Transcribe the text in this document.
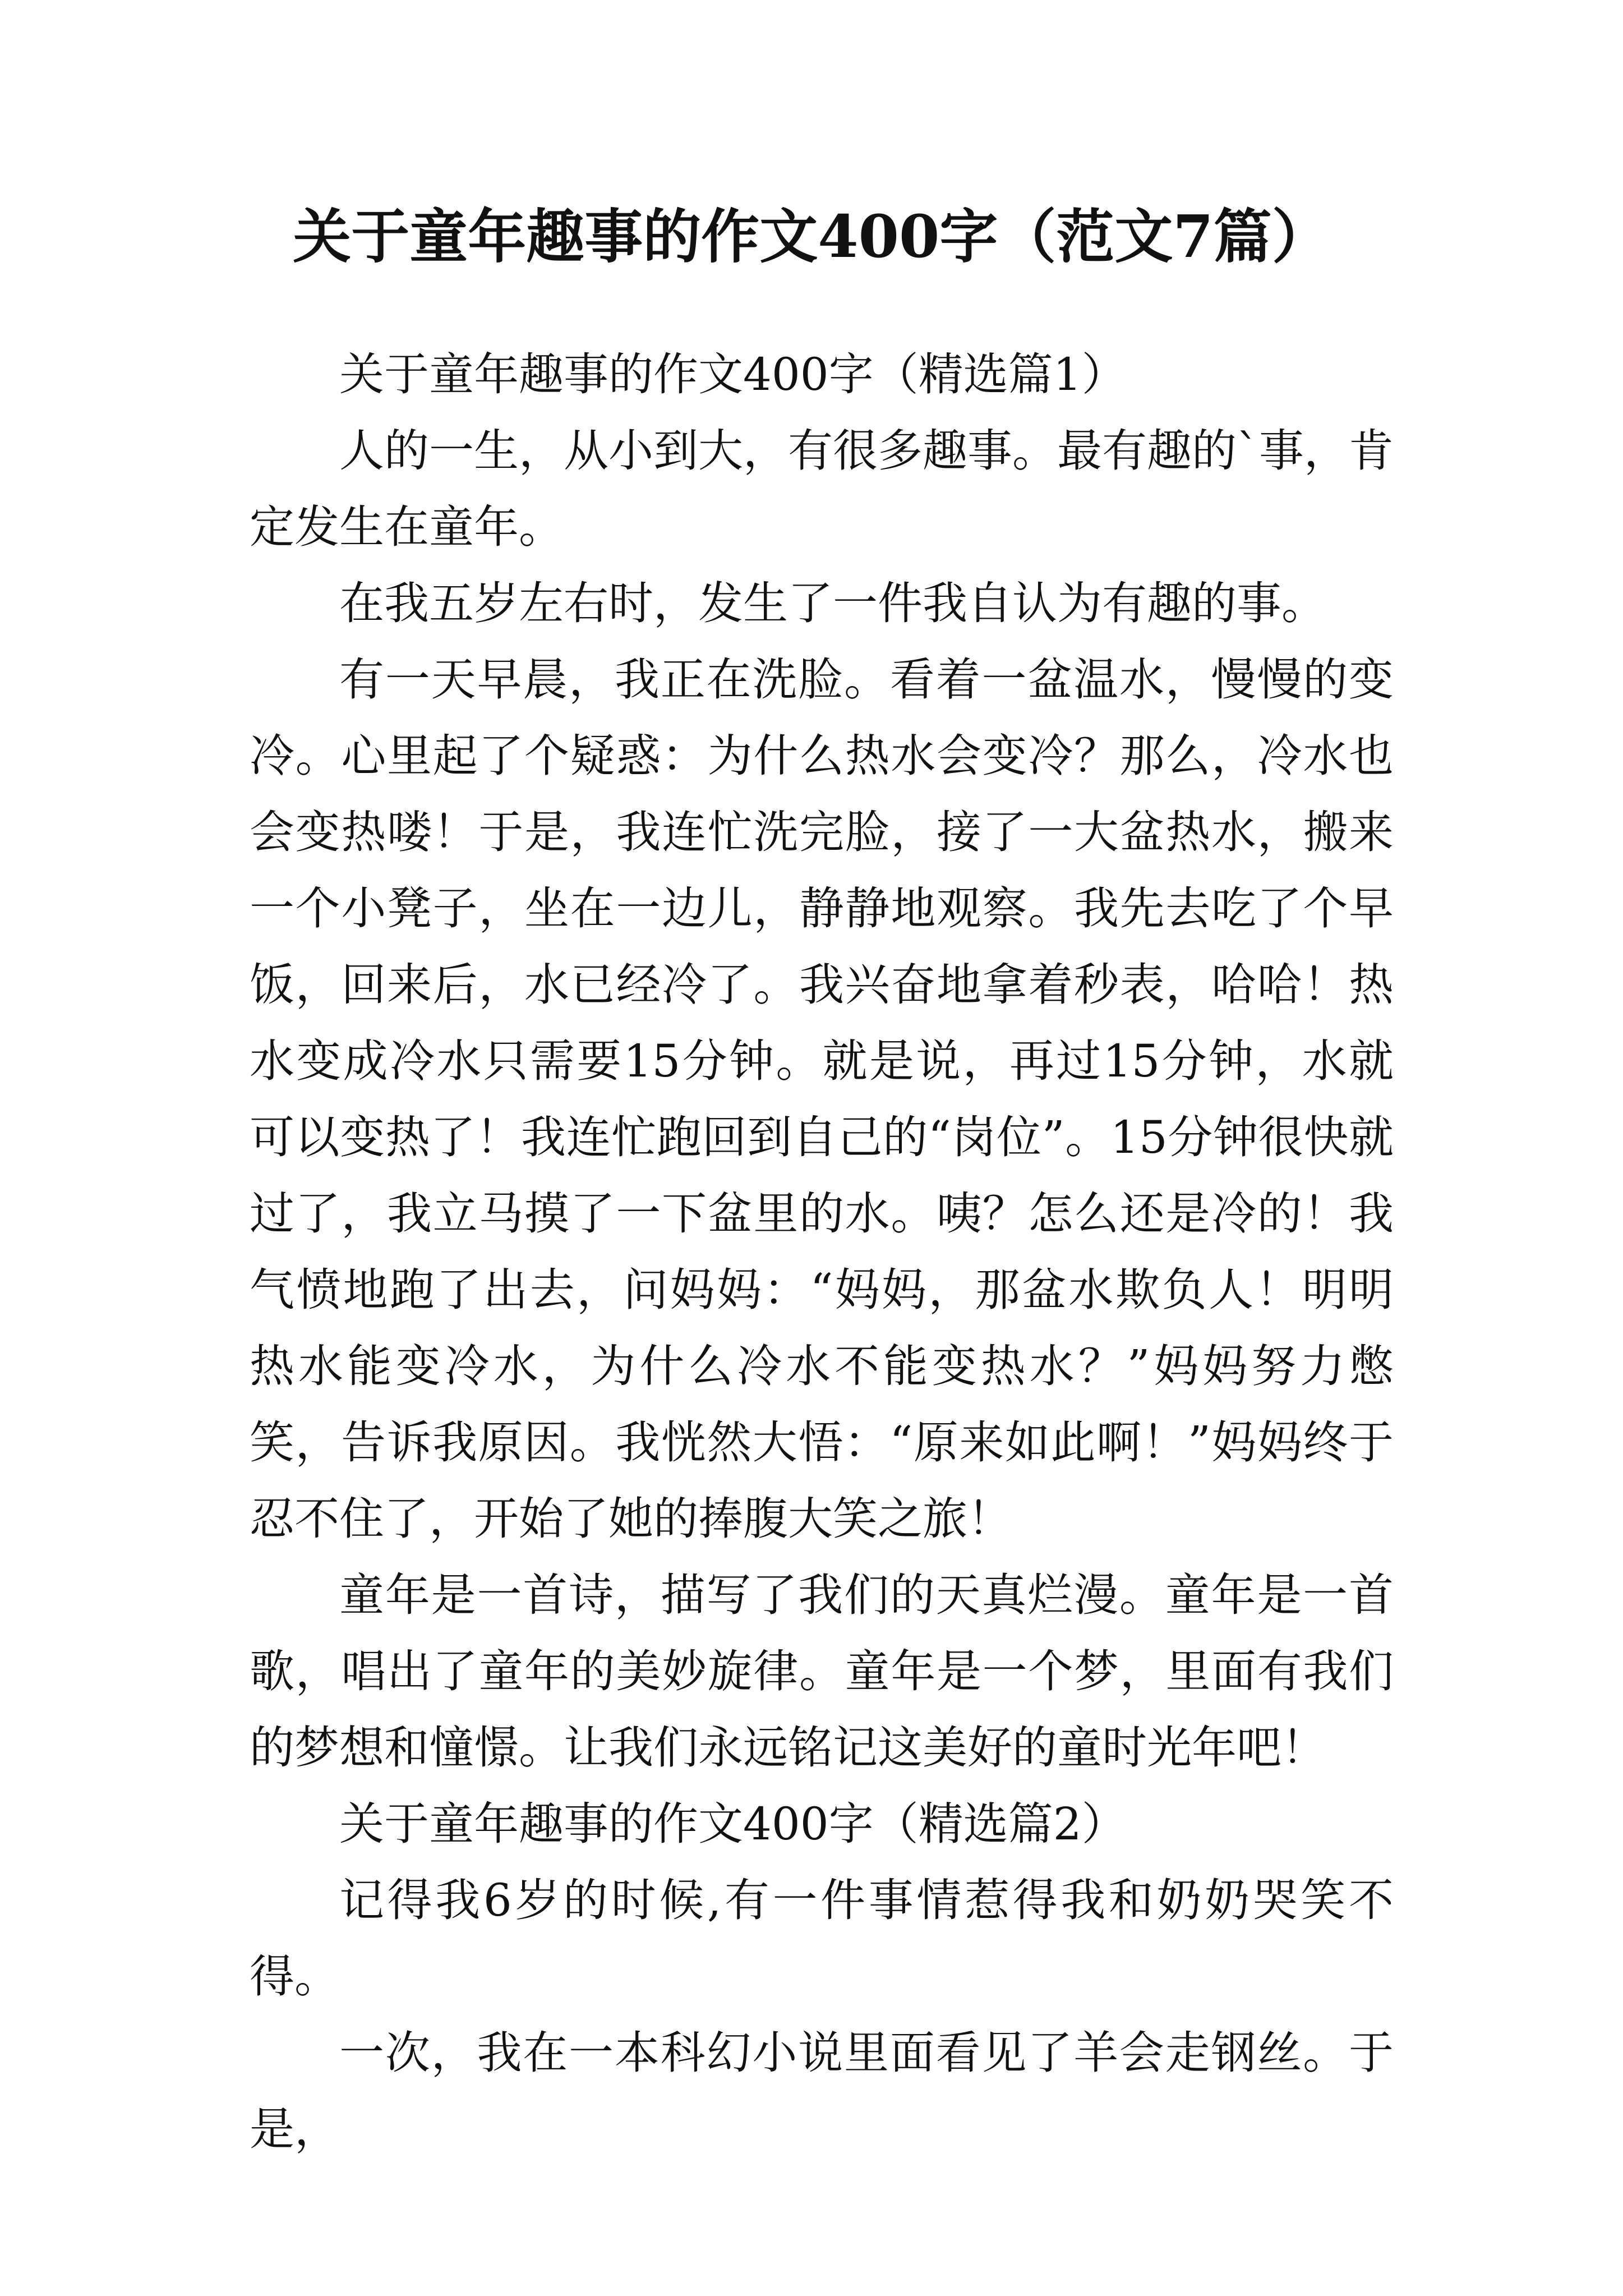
关于童年趣事的作文400字（范文7篇）

关于童年趣事的作文400字（精选篇1）

人的一生，从小到大，有很多趣事。最有趣的`事，肯定发生在童年。

在我五岁左右时，发生了一件我自认为有趣的事。

有一天早晨，我正在洗脸。看着一盆温水，慢慢的变冷。心里起了个疑惑：为什么热水会变冷？那么，冷水也会变热喽！于是，我连忙洗完脸，接了一大盆热水，搬来一个小凳子，坐在一边儿，静静地观察。我先去吃了个早饭，回来后，水已经冷了。我兴奋地拿着秒表，哈哈！热水变成冷水只需要15分钟。就是说，再过15分钟，水就可以变热了！我连忙跑回到自己的“岗位”。15分钟很快就过了，我立马摸了一下盆里的水。咦？怎么还是冷的！我气愤地跑了出去，问妈妈：“妈妈，那盆水欺负人！明明热水能变冷水，为什么冷水不能变热水？”妈妈努力憋笑，告诉我原因。我恍然大悟：“原来如此啊！”妈妈终于忍不住了，开始了她的捧腹大笑之旅！

童年是一首诗，描写了我们的天真烂漫。童年是一首歌，唱出了童年的美妙旋律。童年是一个梦，里面有我们的梦想和憧憬。让我们永远铭记这美好的童时光年吧！

关于童年趣事的作文400字（精选篇2）

记得我6岁的时候,有一件事情惹得我和奶奶哭笑不得。

一次，我在一本科幻小说里面看见了羊会走钢丝。于是，
